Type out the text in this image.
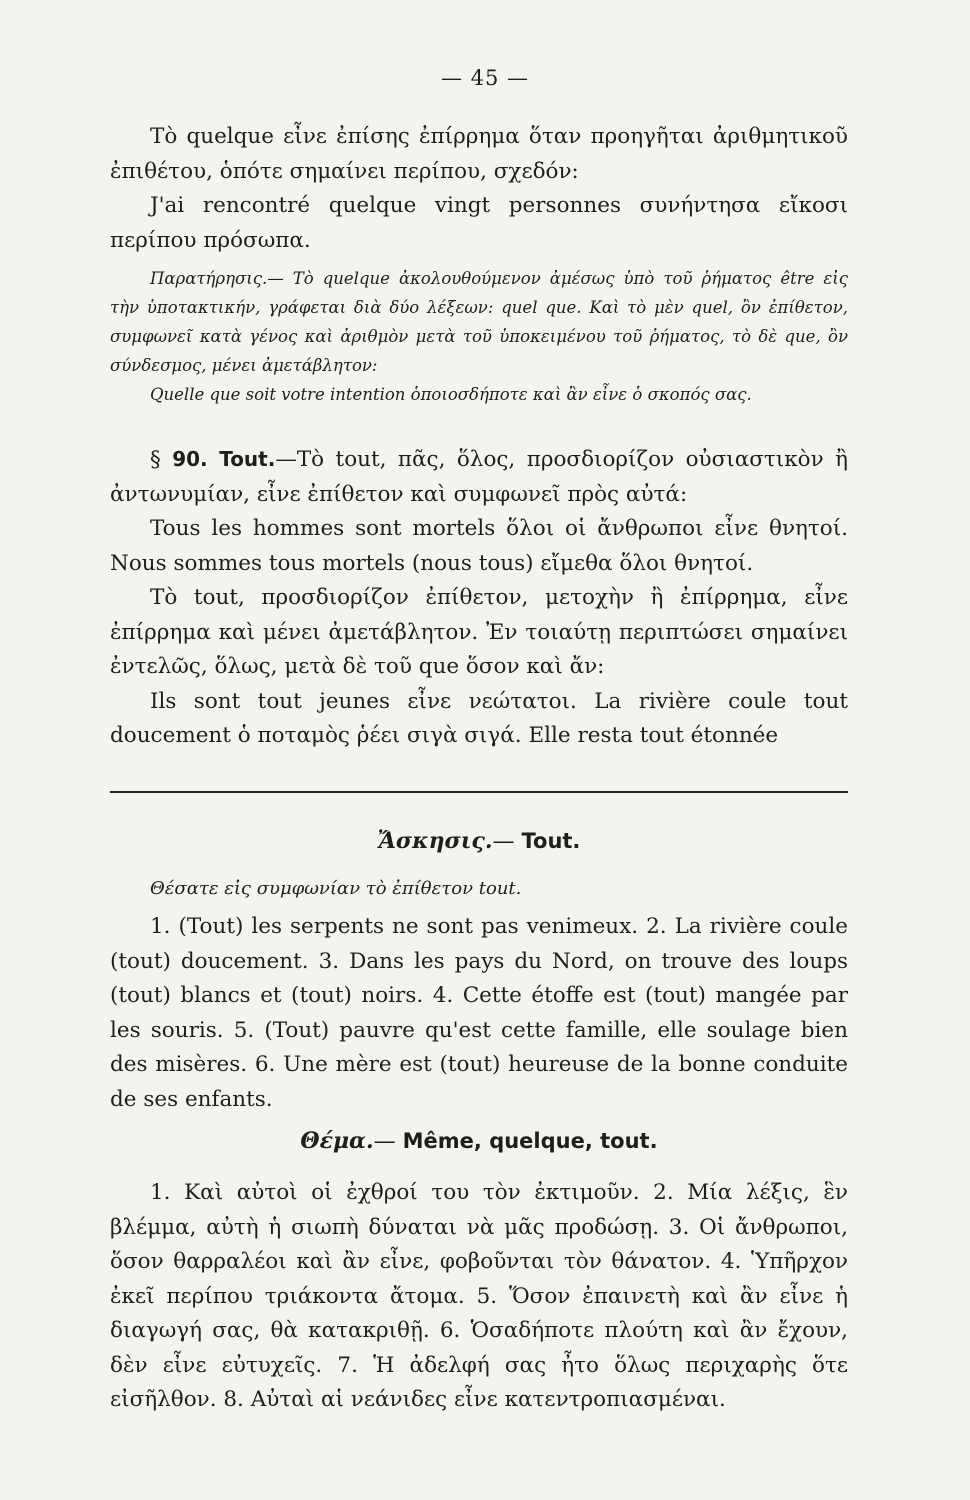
— 45 —

Τὸ quelque εἶνε ἐπίσης ἐπίρρημα ὅταν προηγῆται ἀριθμητικοῦ ἐπιθέτου, ὁπότε σημαίνει περίπου, σχεδόν:

J'ai rencontré quelque vingt personnes συνήντησα εἴκοσι περίπου πρόσωπα.

Παρατήρησις.— Τὸ quelque ἀκολουθούμενον ἀμέσως ὑπὸ τοῦ ῥήματος être εἰς τὴν ὑποτακτικήν, γράφεται διὰ δύο λέξεων: quel que. Καὶ τὸ μὲν quel, ὂν ἐπίθετον, συμφωνεῖ κατὰ γένος καὶ ἀριθμὸν μετὰ τοῦ ὑποκειμένου τοῦ ῥήματος, τὸ δὲ que, ὂν σύνδεσμος, μένει ἀμετάβλητον:

Quelle que soit votre intention ὁποιοσδήποτε καὶ ἂν εἶνε ὁ σκοπός σας.

§ 90. Tout.—Τὸ tout, πᾶς, ὅλος, προσδιορίζον οὐσιαστικὸν ἢ ἀντωνυμίαν, εἶνε ἐπίθετον καὶ συμφωνεῖ πρὸς αὐτά:

Tous les hommes sont mortels ὅλοι οἱ ἄνθρωποι εἶνε θνητοί. Nous sommes tous mortels (nous tous) εἴμεθα ὅλοι θνητοί.

Τὸ tout, προσδιορίζον ἐπίθετον, μετοχὴν ἢ ἐπίρρημα, εἶνε ἐπίρρημα καὶ μένει ἀμετάβλητον. Ἐν τοιαύτῃ περιπτώσει σημαίνει ἐντελῶς, ὅλως, μετὰ δὲ τοῦ que ὅσον καὶ ἄν:

Ils sont tout jeunes εἶνε νεώτατοι. La rivière coule tout doucement ὁ ποταμὸς ῥέει σιγὰ σιγά. Elle resta tout étonnée

Ἄσκησις.— Tout.

Θέσατε εἰς συμφωνίαν τὸ ἐπίθετον tout.

1. (Tout) les serpents ne sont pas venimeux. 2. La rivière coule (tout) doucement. 3. Dans les pays du Nord, on trouve des loups (tout) blancs et (tout) noirs. 4. Cette étoffe est (tout) mangée par les souris. 5. (Tout) pauvre qu'est cette famille, elle soulage bien des misères. 6. Une mère est (tout) heureuse de la bonne conduite de ses enfants.

Θέμα.— Même, quelque, tout.

1. Καὶ αὐτοὶ οἱ ἐχθροί του τὸν ἐκτιμοῦν. 2. Μία λέξις, ἓν βλέμμα, αὐτὴ ἡ σιωπὴ δύναται νὰ μᾶς προδώσῃ. 3. Οἱ ἄνθρωποι, ὅσον θαρραλέοι καὶ ἂν εἶνε, φοβοῦνται τὸν θάνατον. 4. Ὑπῆρχον ἐκεῖ περίπου τριάκοντα ἄτομα. 5. Ὅσον ἐπαινετὴ καὶ ἂν εἶνε ἡ διαγωγή σας, θὰ κατακριθῇ. 6. Ὁσαδήποτε πλούτη καὶ ἂν ἔχουν, δὲν εἶνε εὐτυχεῖς. 7. Ἡ ἀδελφή σας ἦτο ὅλως περιχαρὴς ὅτε εἰσῆλθον. 8. Αὐταὶ αἱ νεάνιδες εἶνε κατεντροπιασμέναι.
